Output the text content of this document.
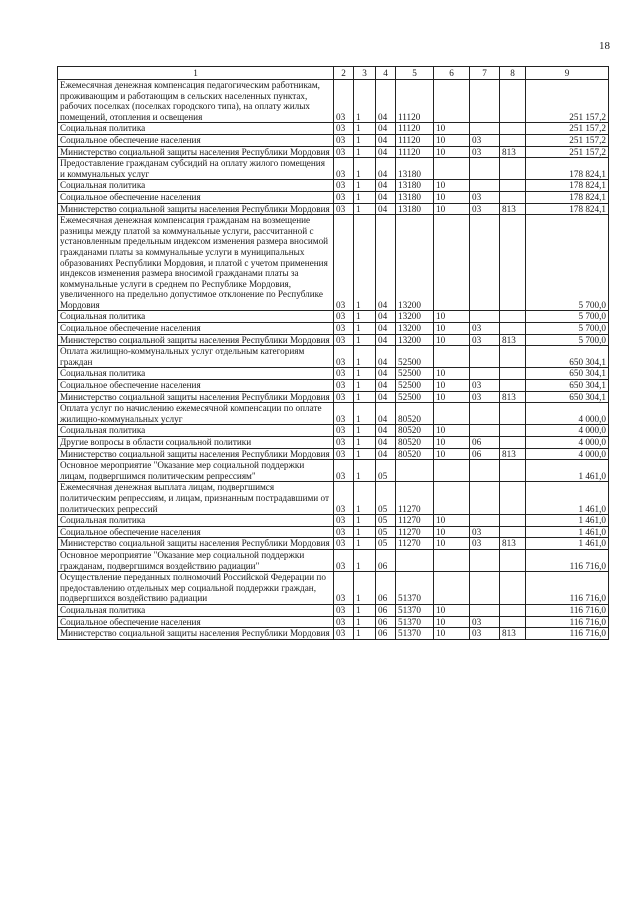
18
1	2	3	4	5	6	7	8	9
Ежемесячная денежная компенсация педагогическим работникам, проживающим и работающим в сельских населенных пунктах, рабочих поселках (поселках городского типа), на оплату жилых помещений, отопления и освещения	03	1	04	11120				251 157,2
Социальная политика	03	1	04	11120	10			251 157,2
Социальное обеспечение населения	03	1	04	11120	10	03		251 157,2
Министерство социальной защиты населения Республики Мордовия	03	1	04	11120	10	03	813	251 157,2
Предоставление гражданам субсидий на оплату жилого помещения и коммунальных услуг	03	1	04	13180				178 824,1
Социальная политика	03	1	04	13180	10			178 824,1
Социальное обеспечение населения	03	1	04	13180	10	03		178 824,1
Министерство социальной защиты населения Республики Мордовия	03	1	04	13180	10	03	813	178 824,1
Ежемесячная денежная компенсация гражданам на возмещение разницы между платой за коммунальные услуги, рассчитанной с установленным предельным индексом изменения размера вносимой гражданами платы за коммунальные услуги в муниципальных образованиях Республики Мордовия, и платой с учетом применения индексов изменения размера вносимой гражданами платы за коммунальные услуги в среднем по Республике Мордовия, увеличенного на предельно допустимое отклонение по Республике Мордовия	03	1	04	13200				5 700,0
Социальная политика	03	1	04	13200	10			5 700,0
Социальное обеспечение населения	03	1	04	13200	10	03		5 700,0
Министерство социальной защиты населения Республики Мордовия	03	1	04	13200	10	03	813	5 700,0
Оплата жилищно-коммунальных услуг отдельным категориям граждан	03	1	04	52500				650 304,1
Социальная политика	03	1	04	52500	10			650 304,1
Социальное обеспечение населения	03	1	04	52500	10	03		650 304,1
Министерство социальной защиты населения Республики Мордовия	03	1	04	52500	10	03	813	650 304,1
Оплата услуг по начислению ежемесячной компенсации по оплате жилищно-коммунальных услуг	03	1	04	80520				4 000,0
Социальная политика	03	1	04	80520	10			4 000,0
Другие вопросы в области социальной политики	03	1	04	80520	10	06		4 000,0
Министерство социальной защиты населения Республики Мордовия	03	1	04	80520	10	06	813	4 000,0
Основное мероприятие "Оказание мер социальной поддержки лицам, подвергшимся политическим репрессиям"	03	1	05					1 461,0
Ежемесячная денежная выплата лицам, подвергшимся политическим репрессиям, и лицам, признанным пострадавшими от политических репрессий	03	1	05	11270				1 461,0
Социальная политика	03	1	05	11270	10			1 461,0
Социальное обеспечение населения	03	1	05	11270	10	03		1 461,0
Министерство социальной защиты населения Республики Мордовия	03	1	05	11270	10	03	813	1 461,0
Основное мероприятие "Оказание мер социальной поддержки гражданам, подвергшимся воздействию радиации"	03	1	06					116 716,0
Осуществление переданных полномочий Российской Федерации по предоставлению отдельных мер социальной поддержки граждан, подвергшихся воздействию радиации	03	1	06	51370				116 716,0
Социальная политика	03	1	06	51370	10			116 716,0
Социальное обеспечение населения	03	1	06	51370	10	03		116 716,0
Министерство социальной защиты населения Республики Мордовия	03	1	06	51370	10	03	813	116 716,0
